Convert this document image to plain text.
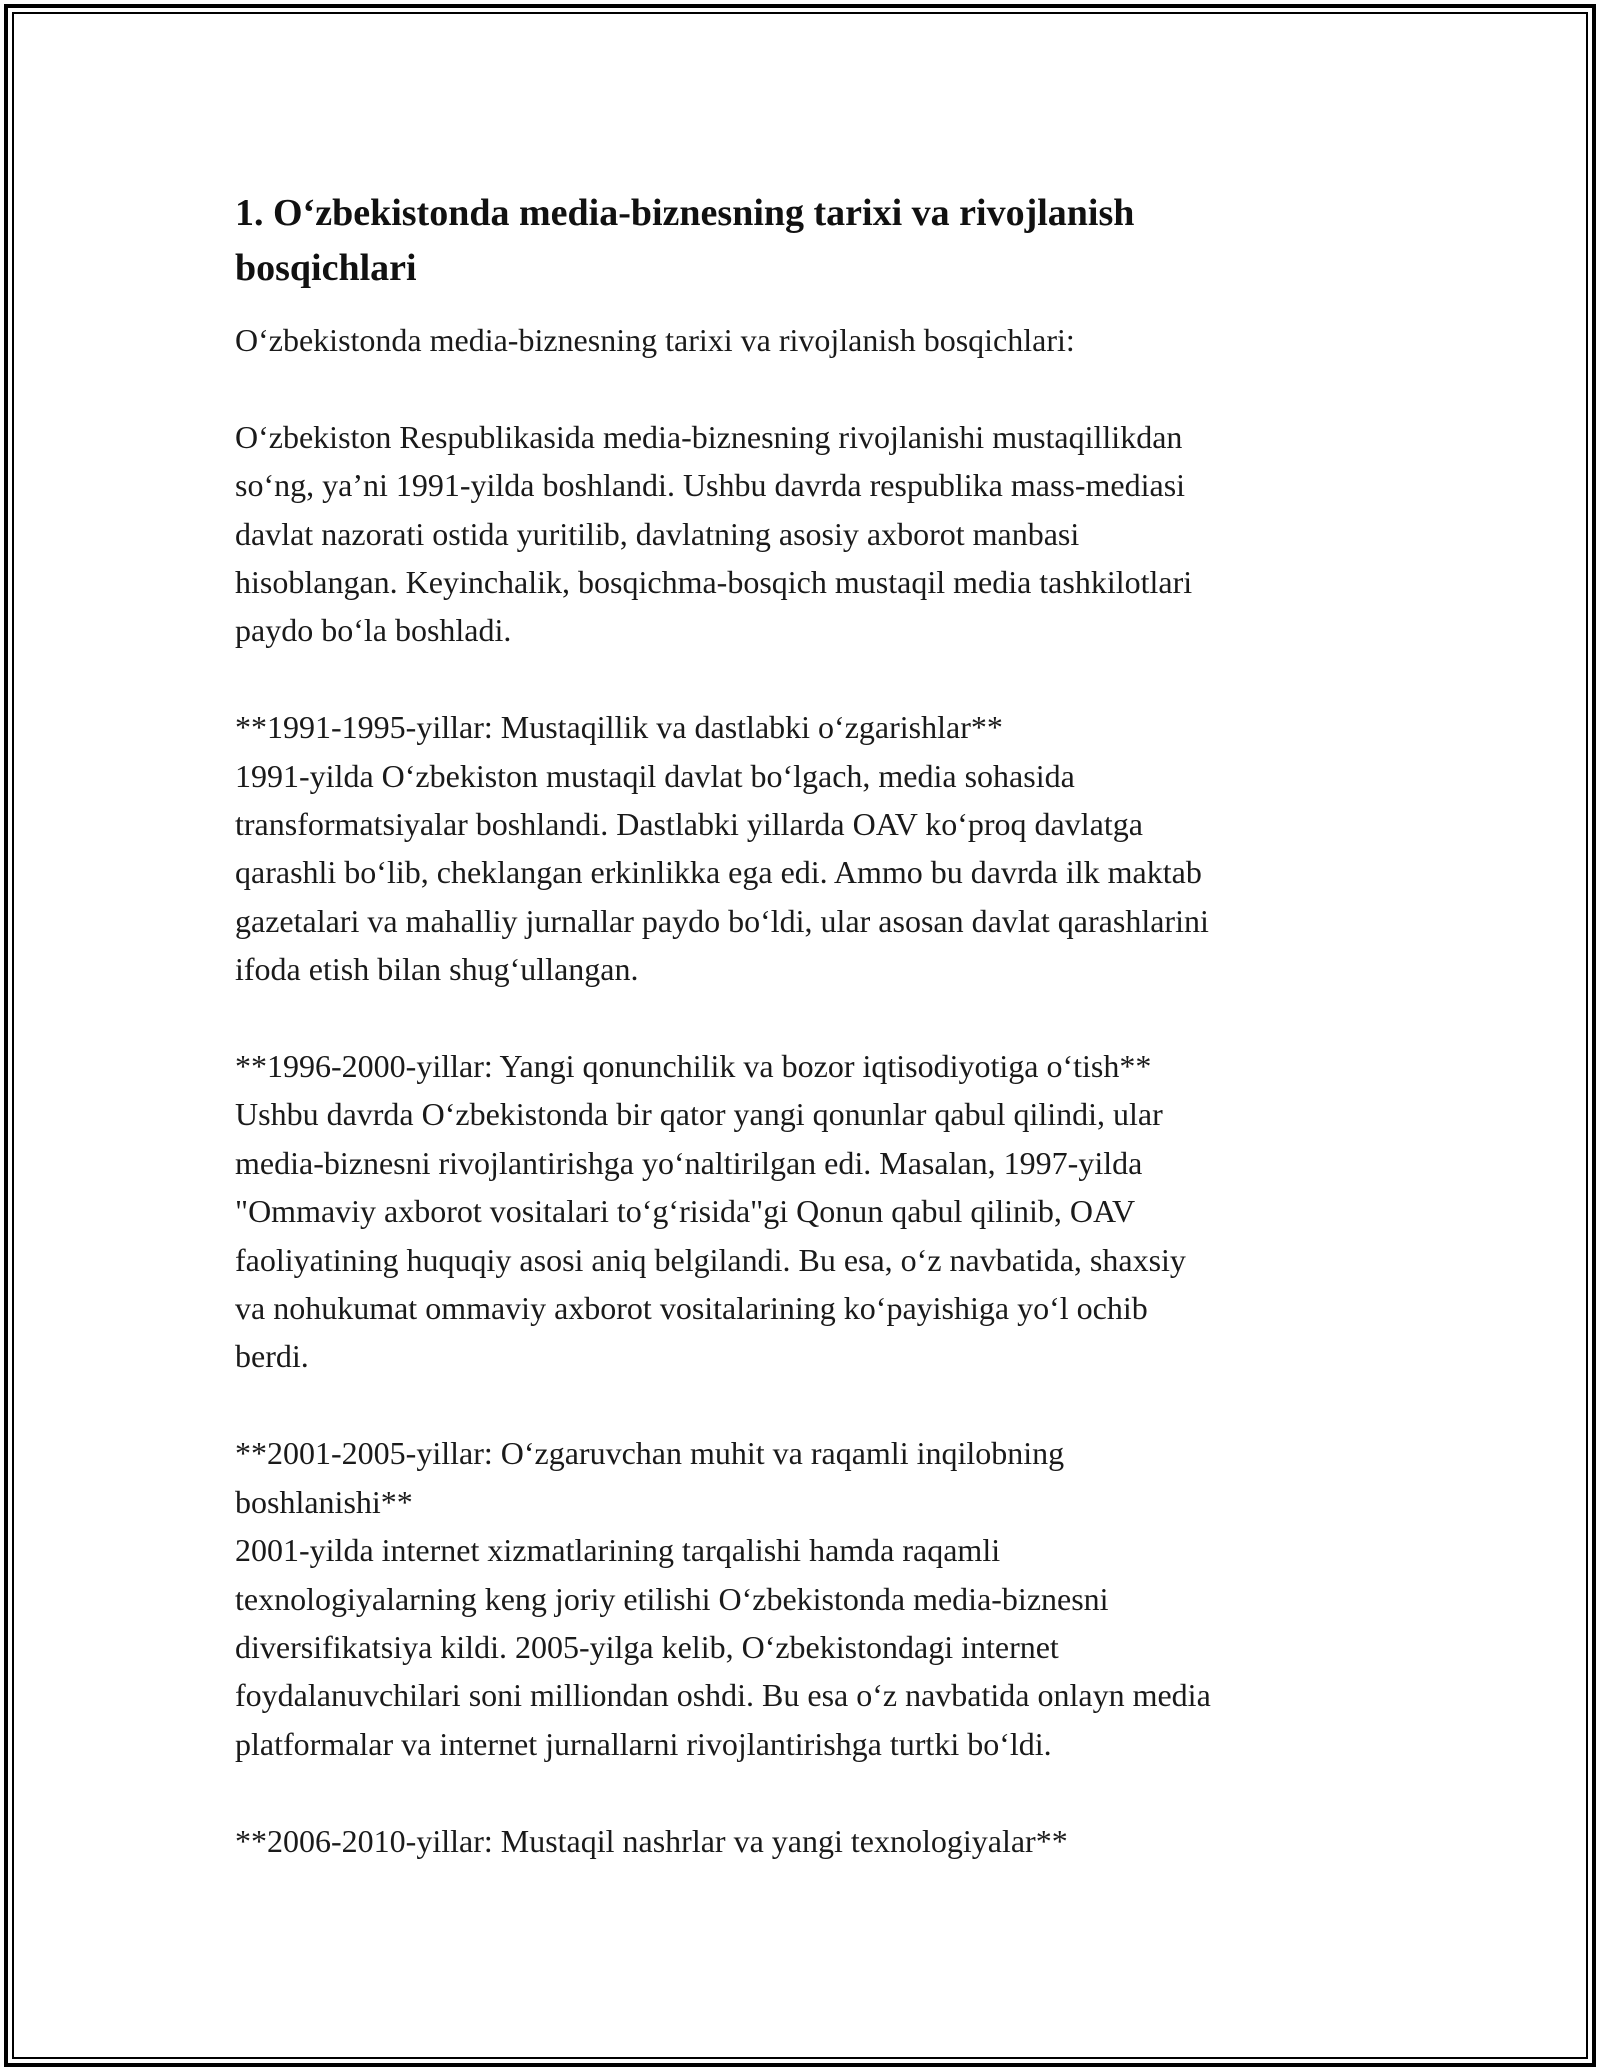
1. O‘zbekistonda media-biznesning tarixi va rivojlanish
bosqichlari

O‘zbekistonda media-biznesning tarixi va rivojlanish bosqichlari:

O‘zbekiston Respublikasida media-biznesning rivojlanishi mustaqillikdan
so‘ng, ya’ni 1991-yilda boshlandi. Ushbu davrda respublika mass-mediasi
davlat nazorati ostida yuritilib, davlatning asosiy axborot manbasi
hisoblangan. Keyinchalik, bosqichma-bosqich mustaqil media tashkilotlari
paydo bo‘la boshladi.

**1991-1995-yillar: Mustaqillik va dastlabki o‘zgarishlar**
1991-yilda O‘zbekiston mustaqil davlat bo‘lgach, media sohasida
transformatsiyalar boshlandi. Dastlabki yillarda OAV ko‘proq davlatga
qarashli bo‘lib, cheklangan erkinlikka ega edi. Ammo bu davrda ilk maktab
gazetalari va mahalliy jurnallar paydo bo‘ldi, ular asosan davlat qarashlarini
ifoda etish bilan shug‘ullangan.

**1996-2000-yillar: Yangi qonunchilik va bozor iqtisodiyotiga o‘tish**
Ushbu davrda O‘zbekistonda bir qator yangi qonunlar qabul qilindi, ular
media-biznesni rivojlantirishga yo‘naltirilgan edi. Masalan, 1997-yilda
"Ommaviy axborot vositalari to‘g‘risida"gi Qonun qabul qilinib, OAV
faoliyatining huquqiy asosi aniq belgilandi. Bu esa, o‘z navbatida, shaxsiy
va nohukumat ommaviy axborot vositalarining ko‘payishiga yo‘l ochib
berdi.

**2001-2005-yillar: O‘zgaruvchan muhit va raqamli inqilobning
boshlanishi**
2001-yilda internet xizmatlarining tarqalishi hamda raqamli
texnologiyalarning keng joriy etilishi O‘zbekistonda media-biznesni
diversifikatsiya kildi. 2005-yilga kelib, O‘zbekistondagi internet
foydalanuvchilari soni milliondan oshdi. Bu esa o‘z navbatida onlayn media
platformalar va internet jurnallarni rivojlantirishga turtki bo‘ldi.

**2006-2010-yillar: Mustaqil nashrlar va yangi texnologiyalar**
